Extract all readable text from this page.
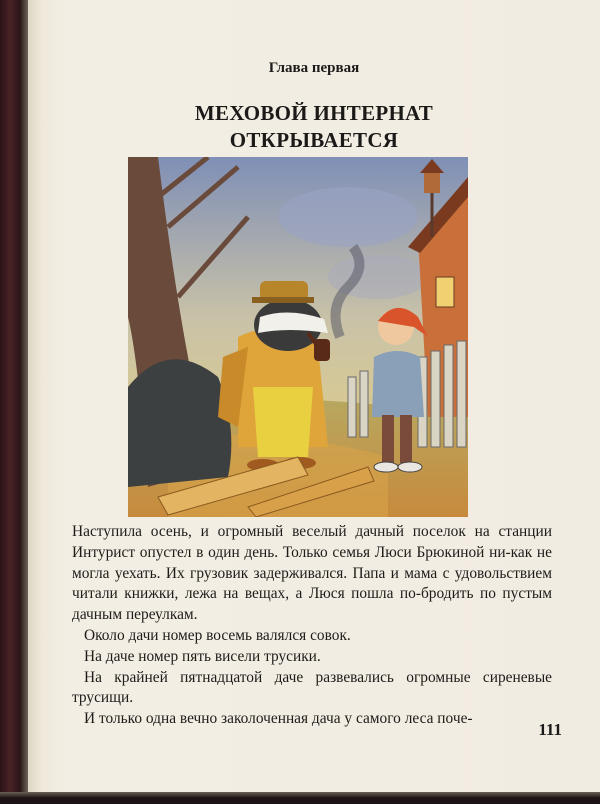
Глава первая
МЕХОВОЙ ИНТЕРНАТ
ОТКРЫВАЕТСЯ

Наступила осень, и огромный веселый дачный поселок на станции Интурист опустел в один день. Только семья Люси Брюкиной ни-как не могла уехать. Их грузовик задерживался. Папа и мама с удовольствием читали книжки, лежа на вещах, а Люся пошла по-бродить по пустым дачным переулкам.

Около дачи номер восемь валялся совок.

На даче номер пять висели трусики.

На крайней пятнадцатой даче развевались огромные сиреневые трусищи.

И только одна вечно заколоченная дача у самого леса поче-

111
